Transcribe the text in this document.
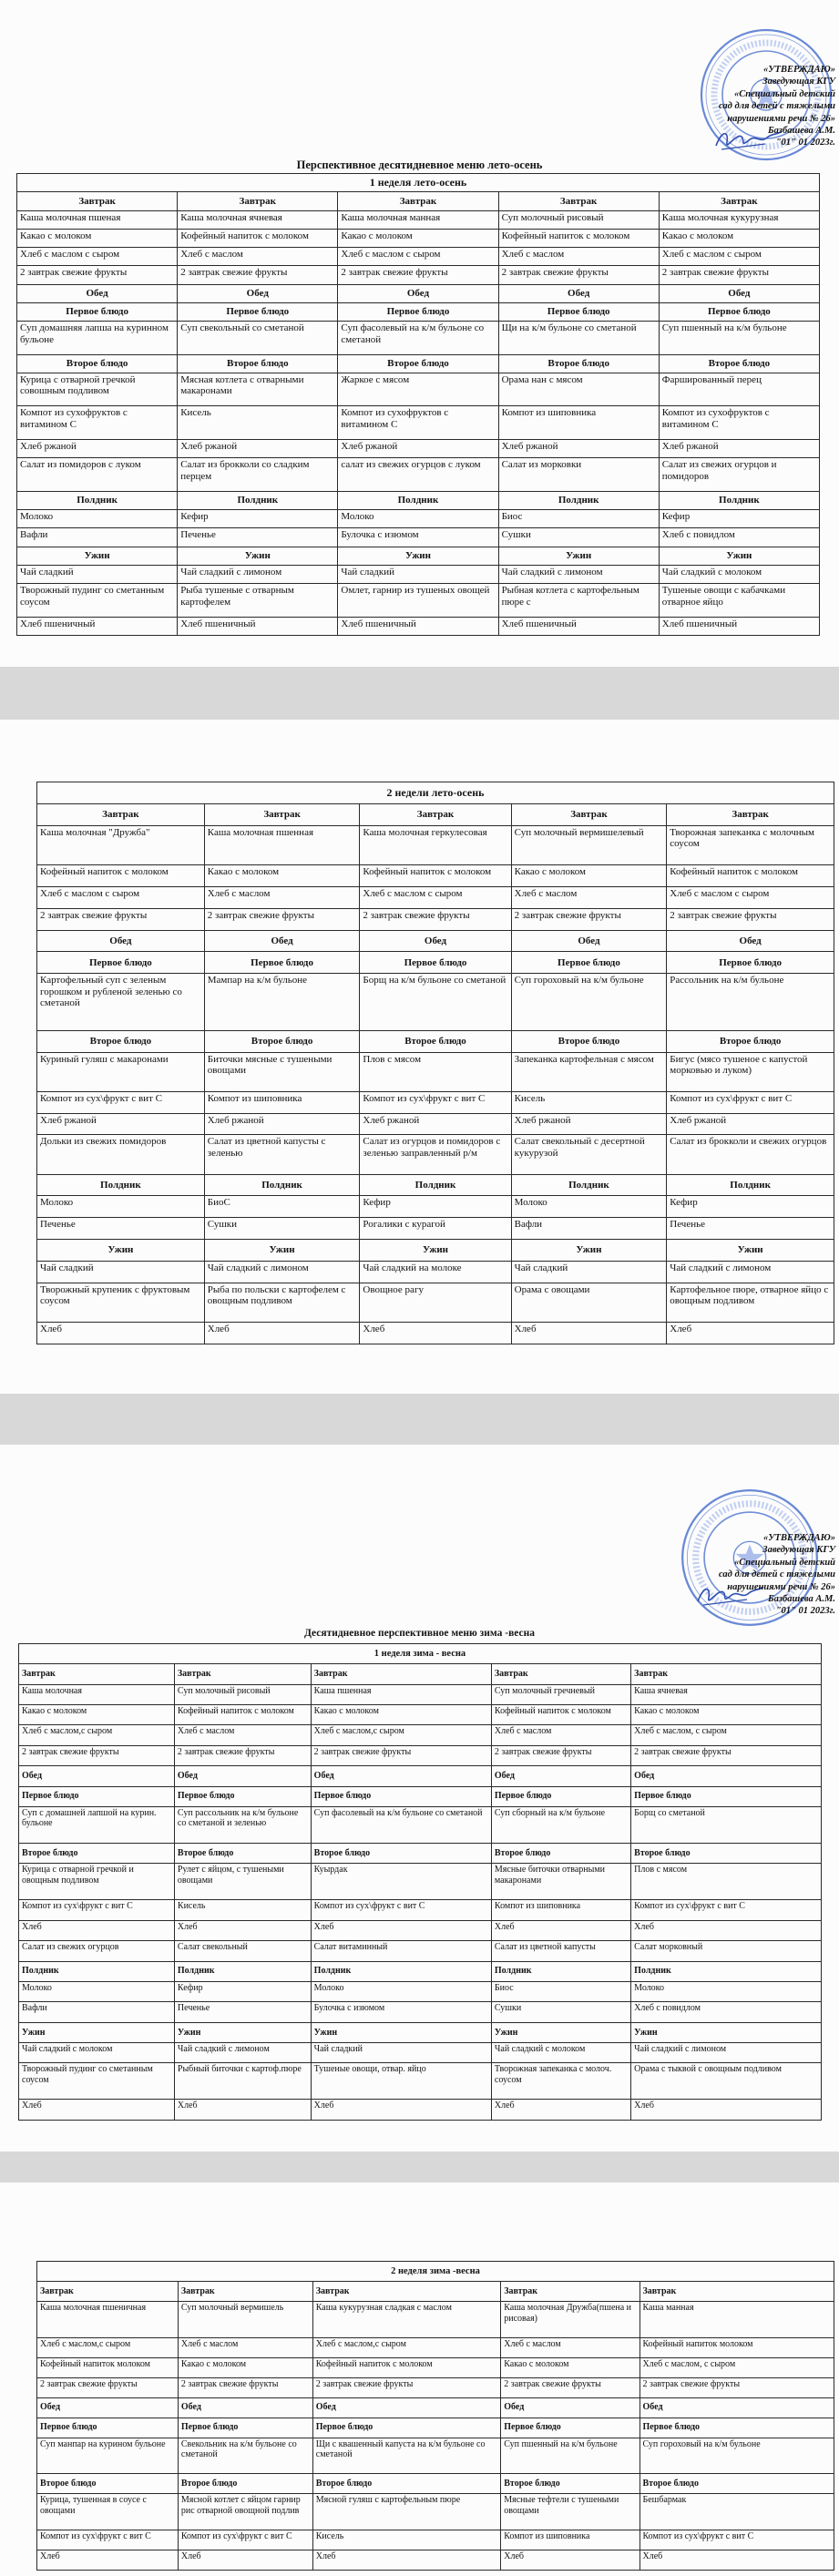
«УТВЕРЖДАЮ»
Заведующая КГУ
«Специальный детский
сад для детей с тяжелыми
нарушениями речи № 26»
Базбашева А.М.
"01" 01 2023г.
Перспективное десятидневное меню лето-осень
1 неделя лето-осень				
Завтрак	Завтрак	Завтрак	Завтрак	Завтрак
Каша молочная пшеная	Каша молочная ячневая	Каша молочная манная	Суп молочный рисовый	Каша молочная кукурузная
Какао с молоком	Кофейный напиток с молоком	Какао с молоком	Кофейный напиток с молоком	Какао с молоком
Хлеб с маслом с сыром	Хлеб с маслом	Хлеб с маслом с сыром	Хлеб с маслом	Хлеб с маслом с сыром
2 завтрак свежие фрукты	2 завтрак свежие фрукты	2 завтрак свежие фрукты	2 завтрак свежие фрукты	2 завтрак свежие фрукты
Обед	Обед	Обед	Обед	Обед
Первое блюдо	Первое блюдо	Первое блюдо	Первое блюдо	Первое блюдо
Суп домашняя лапша на куринном бульоне	Суп свекольный со сметаной	Суп фасолевый на к/м бульоне со сметаной	Щи на к/м бульоне со сметаной	Суп пшенный на к/м бульоне
Второе блюдо	Второе блюдо	Второе блюдо	Второе блюдо	Второе блюдо
Курица с отварной гречкой совошным подливом	Мясная котлета с отварными макаронами	Жаркое с мясом	Орама нан с мясом	Фаршированный перец
Компот из сухофруктов с витамином С	Кисель	Компот из сухофруктов с витамином С	Компот из шиповника	Компот из сухофруктов с витамином С
Хлеб ржаной	Хлеб ржаной	Хлеб ржаной	Хлеб ржаной	Хлеб ржаной
Салат из помидоров с луком	Салат из брокколи со сладким перцем	салат из свежих огурцов с луком	Салат из морковки	Салат из свежих огурцов и помидоров
Полдник	Полдник	Полдник	Полдник	Полдник
Молоко	Кефир	Молоко	Биос	Кефир
Вафли	Печенье	Булочка с изюмом	Сушки	Хлеб с повидлом
Ужин	Ужин	Ужин	Ужин	Ужин
Чай сладкий	Чай сладкий с лимоном	Чай сладкий	Чай сладкий с лимоном	Чай сладкий с молоком
Творожный пудинг со сметанным соусом	Рыба тушеные с отварным картофелем	Омлет, гарнир из тушеных овощей	Рыбная котлета с картофельным пюре с	Тушеные овощи с кабачками отварное яйцо
Хлеб пшеничный	Хлеб пшеничный	Хлеб пшеничный	Хлеб пшеничный	Хлеб пшеничный
2 недели лето-осень				
Завтрак	Завтрак	Завтрак	Завтрак	Завтрак
Каша молочная "Дружба"	Каша молочная пшенная	Каша молочная геркулесовая	Суп молочный вермишелевый	Творожная запеканка с молочным соусом
Кофейный напиток с молоком	Какао с молоком	Кофейный напиток с молоком	Какао с молоком	Кофейный напиток с молоком
Хлеб с маслом с сыром	Хлеб с маслом	Хлеб с маслом с сыром	Хлеб с маслом	Хлеб с маслом с сыром
2 завтрак свежие фрукты	2 завтрак свежие фрукты	2 завтрак свежие фрукты	2 завтрак свежие фрукты	2 завтрак свежие фрукты
Обед	Обед	Обед	Обед	Обед
Первое блюдо	Первое блюдо	Первое блюдо	Первое блюдо	Первое блюдо
Картофельный суп с зеленым горошком и рубленой зеленью со сметаной	Мампар на к/м бульоне	Борщ на к/м бульоне со сметаной	Суп гороховый на к/м бульоне	Рассольник на к/м бульоне
Второе блюдо	Второе блюдо	Второе блюдо	Второе блюдо	Второе блюдо
Куриный гуляш с макаронами	Биточки мясные с тушеными овощами	Плов с мясом	Запеканка картофельная с мясом	Бигус (мясо тушеное с капустой морковью и луком)
Компот из сух\фрукт с вит С	Компот из шиповника	Компот из сух\фрукт с вит С	Кисель	Компот из сух\фрукт с вит С
Хлеб ржаной	Хлеб ржаной	Хлеб ржаной	Хлеб ржаной	Хлеб ржаной
Дольки из свежих помидоров	Салат из цветной капусты с зеленью	Салат из огурцов и помидоров с зеленью заправленный р/м	Салат свекольный с десертной кукурузой	Салат из брокколи и свежих огурцов
Полдник	Полдник	Полдник	Полдник	Полдник
Молоко	БиоС	Кефир	Молоко	Кефир
Печенье	Сушки	Рогалики с курагой	Вафли	Печенье
Ужин	Ужин	Ужин	Ужин	Ужин
Чай сладкий	Чай сладкий с лимоном	Чай сладкий на молоке	Чай сладкий	Чай сладкий с лимоном
Творожный крупеник с фруктовым соусом	Рыба по польски с картофелем с овощным подливом	Овощное рагу	Орама с овощами	Картофельное пюре, отварное яйцо с овощным подливом
Хлеб	Хлеб	Хлеб	Хлеб	Хлеб
«УТВЕРЖДАЮ»
Заведующая КГУ
«Специальный детский
сад для детей с тяжелыми
нарушениями речи № 26»
Базбашева А.М.
"01" 01 2023г.
Десятидневное перспективное меню зима -весна
1 неделя зима - весна				
Завтрак	Завтрак	Завтрак	Завтрак	Завтрак
Каша молочная	Суп молочный рисовый	Каша пшенная	Суп молочный гречневый	Каша ячневая
Какао с молоком	Кофейный напиток с молоком	Какао с молоком	Кофейный напиток с молоком	Какао с молоком
Хлеб с маслом,с сыром	Хлеб с маслом	Хлеб с маслом,с сыром	Хлеб с маслом	Хлеб с маслом, с сыром
2 завтрак свежие фрукты	2 завтрак свежие фрукты	2 завтрак свежие фрукты	2 завтрак свежие фрукты	2 завтрак свежие фрукты
Обед	Обед	Обед	Обед	Обед
Первое блюдо	Первое блюдо	Первое блюдо	Первое блюдо	Первое блюдо
Суп с домашней лапшой на курин. бульоне	Суп рассольник на к/м бульоне со сметаной и зеленью	Суп фасолевый на к/м бульоне со сметаной	Суп сборный на к/м бульоне	Борщ со сметаной
Второе блюдо	Второе блюдо	Второе блюдо	Второе блюдо	Второе блюдо
Курица с отварной гречкой и овощным подливом	Рулет с яйцом, с тушеными овощами	Куырдак	Мясные биточки отварными макаронами	Плов с мясом
Компот из сух\фрукт с вит С	Кисель	Компот из сух\фрукт с вит С	Компот из шиповника	Компот из сух\фрукт с вит С
Хлеб	Хлеб	Хлеб	Хлеб	Хлеб
Салат из свежих огурцов	Салат свекольный	Салат витаминный	Салат из цветной капусты	Салат морковный
Полдник	Полдник	Полдник	Полдник	Полдник
Молоко	Кефир	Молоко	Биос	Молоко
Вафли	Печенье	Булочка с изюмом	Сушки	Хлеб с повидлом
Ужин	Ужин	Ужин	Ужин	Ужин
Чай сладкий с молоком	Чай сладкий с лимоном	Чай сладкий	Чай сладкий с молоком	Чай сладкий с лимоном
Творожный пудинг со сметанным соусом	Рыбный биточки с картоф.пюре	Тушеные овощи, отвар. яйцо	Творожная запеканка с молоч. соусом	Орама с тыквой с овощным подливом
Хлеб	Хлеб	Хлеб	Хлеб	Хлеб
2 неделя зима -весна				
Завтрак	Завтрак	Завтрак	Завтрак	Завтрак
Каша молочная пшеничная	Суп молочный вермишель	Каша кукурузная сладкая с маслом	Каша молочная Дружба(пшена и рисовая)	Каша манная
Хлеб с маслом,с сыром	Хлеб с маслом	Хлеб с маслом,с сыром	Хлеб с маслом	Кофейный напиток молоком
Кофейный напиток молоком	Какао с молоком	Кофейный напиток с молоком	Какао с молоком	Хлеб с маслом, с сыром
2 завтрак свежие фрукты	2 завтрак свежие фрукты	2 завтрак свежие фрукты	2 завтрак свежие фрукты	2 завтрак свежие фрукты
Обед	Обед	Обед	Обед	Обед
Первое блюдо	Первое блюдо	Первое блюдо	Первое блюдо	Первое блюдо
Суп манпар на курином бульоне	Свекольник на к/м бульоне со сметаной	Щи с квашенный капуста на к/м бульоне со сметаной	Суп пшенный на к/м бульоне	Суп гороховый на к/м бульоне
Второе блюдо	Второе блюдо	Второе блюдо	Второе блюдо	Второе блюдо
Курица, тушенная в соусе с овощами	Мясной котлет с яйцом гарнир рис отварной овощной подлив	Мясной гуляш с картофельным пюре	Мясные тефтели с тушеными овощами	Бешбармак
Компот из сух\фрукт с вит С	Компот из сух\фрукт с вит С	Кисель	Компот из шиповника	Компот из сух\фрукт с вит С
Хлеб	Хлеб	Хлеб	Хлеб	Хлеб
